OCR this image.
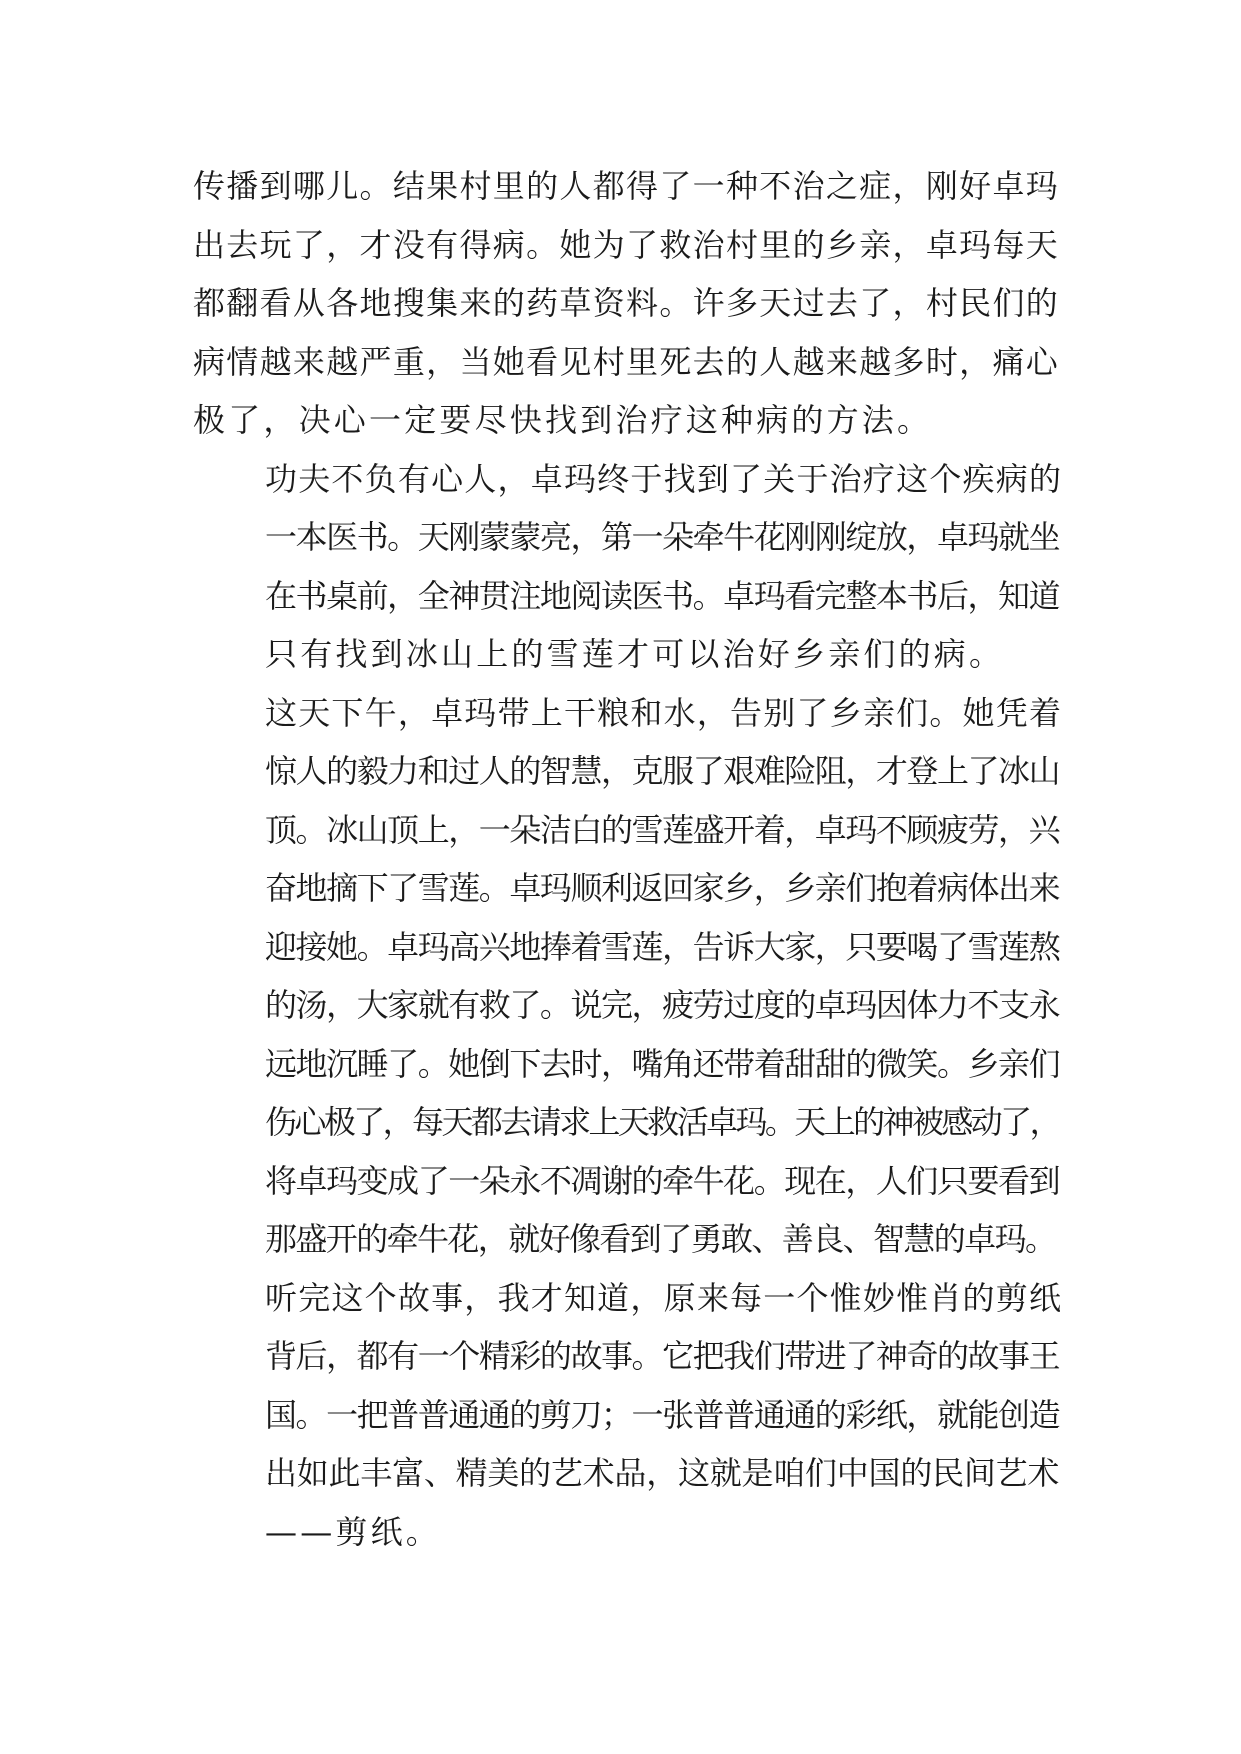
传播到哪儿。结果村里的人都得了一种不治之症，刚好卓玛
出去玩了，才没有得病。她为了救治村里的乡亲，卓玛每天
都翻看从各地搜集来的药草资料。许多天过去了，村民们的
病情越来越严重，当她看见村里死去的人越来越多时，痛心
极了，决心一定要尽快找到治疗这种病的方法。
功夫不负有心人，卓玛终于找到了关于治疗这个疾病的
一本医书。天刚蒙蒙亮，第一朵牵牛花刚刚绽放，卓玛就坐
在书桌前，全神贯注地阅读医书。卓玛看完整本书后，知道
只有找到冰山上的雪莲才可以治好乡亲们的病。
这天下午，卓玛带上干粮和水，告别了乡亲们。她凭着
惊人的毅力和过人的智慧，克服了艰难险阻，才登上了冰山
顶。冰山顶上，一朵洁白的雪莲盛开着，卓玛不顾疲劳，兴
奋地摘下了雪莲。卓玛顺利返回家乡，乡亲们抱着病体出来
迎接她。卓玛高兴地捧着雪莲，告诉大家，只要喝了雪莲熬
的汤，大家就有救了。说完，疲劳过度的卓玛因体力不支永
远地沉睡了。她倒下去时，嘴角还带着甜甜的微笑。乡亲们
伤心极了，每天都去请求上天救活卓玛。天上的神被感动了，
将卓玛变成了一朵永不凋谢的牵牛花。现在，人们只要看到
那盛开的牵牛花，就好像看到了勇敢、善良、智慧的卓玛。
听完这个故事，我才知道，原来每一个惟妙惟肖的剪纸
背后，都有一个精彩的故事。它把我们带进了神奇的故事王
国。一把普普通通的剪刀；一张普普通通的彩纸，就能创造
出如此丰富、精美的艺术品，这就是咱们中国的民间艺术
——剪纸。
